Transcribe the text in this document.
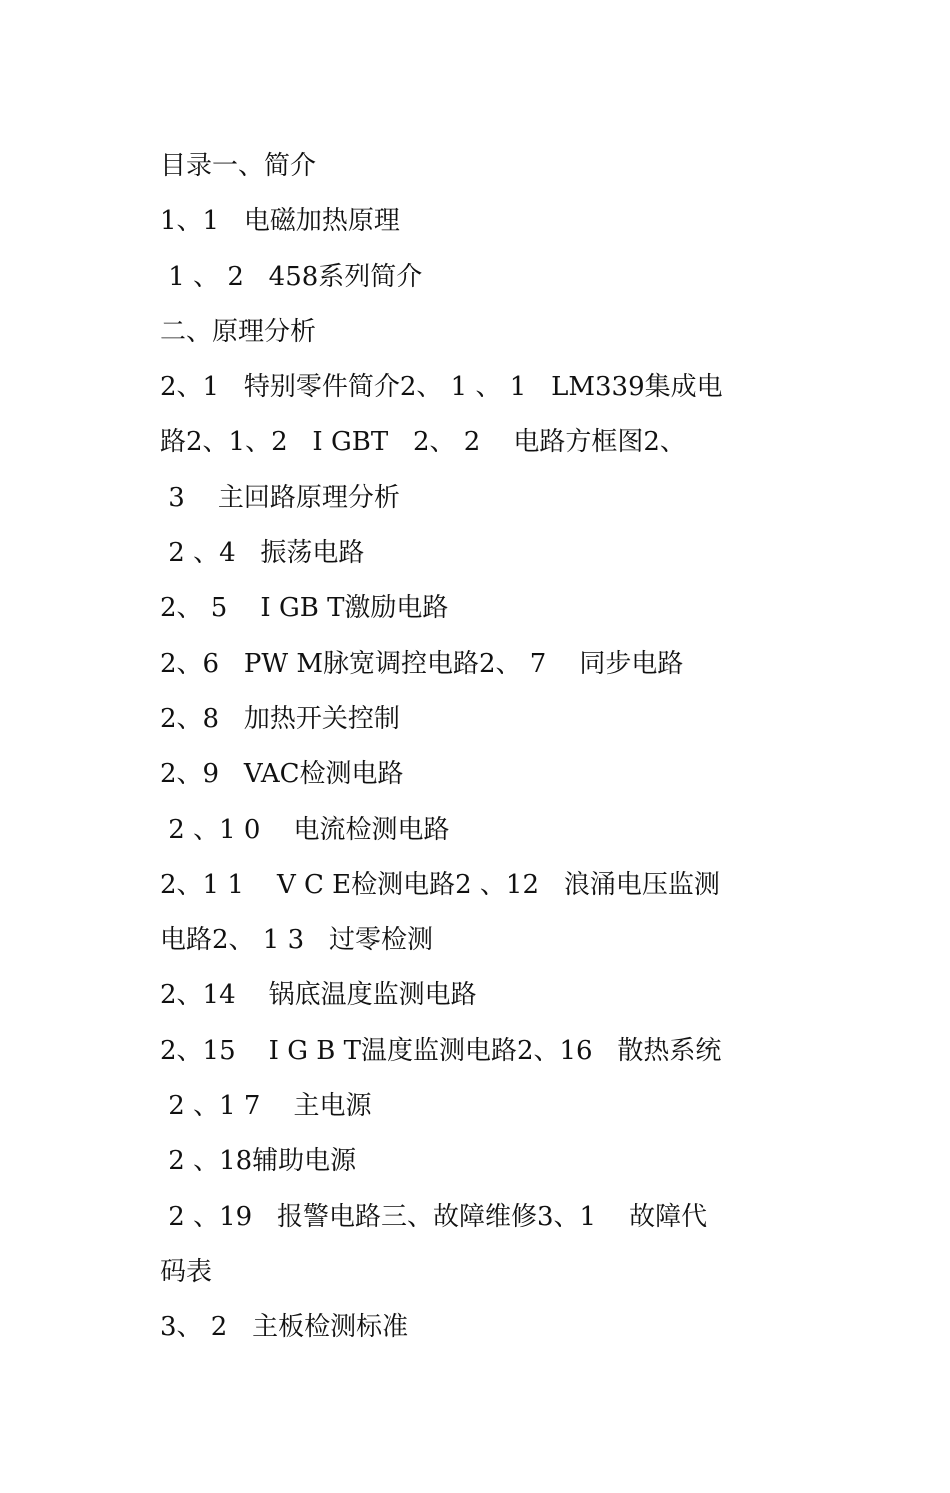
目录一、简介
1、1   电磁加热原理
1 、 2   458系列简介
二、原理分析
2、1   特别零件简介2、 1 、 1   LM339集成电
路2、1、2   I GBT   2、 2    电路方框图2、
3    主回路原理分析
2 、4   振荡电路
2、 5    I GB T激励电路
2、6   PW M脉宽调控电路2、 7    同步电路
2、8   加热开关控制
2、9   VAC检测电路
2 、1 0    电流检测电路
2、1 1    V C E检测电路2 、12   浪涌电压监测
电路2、 1 3   过零检测
2、14    锅底温度监测电路
2、15    I G B T温度监测电路2、16   散热系统
2 、1 7    主电源
2 、18辅助电源
2 、19   报警电路三、故障维修3、1    故障代
码表
3、 2   主板检测标准
